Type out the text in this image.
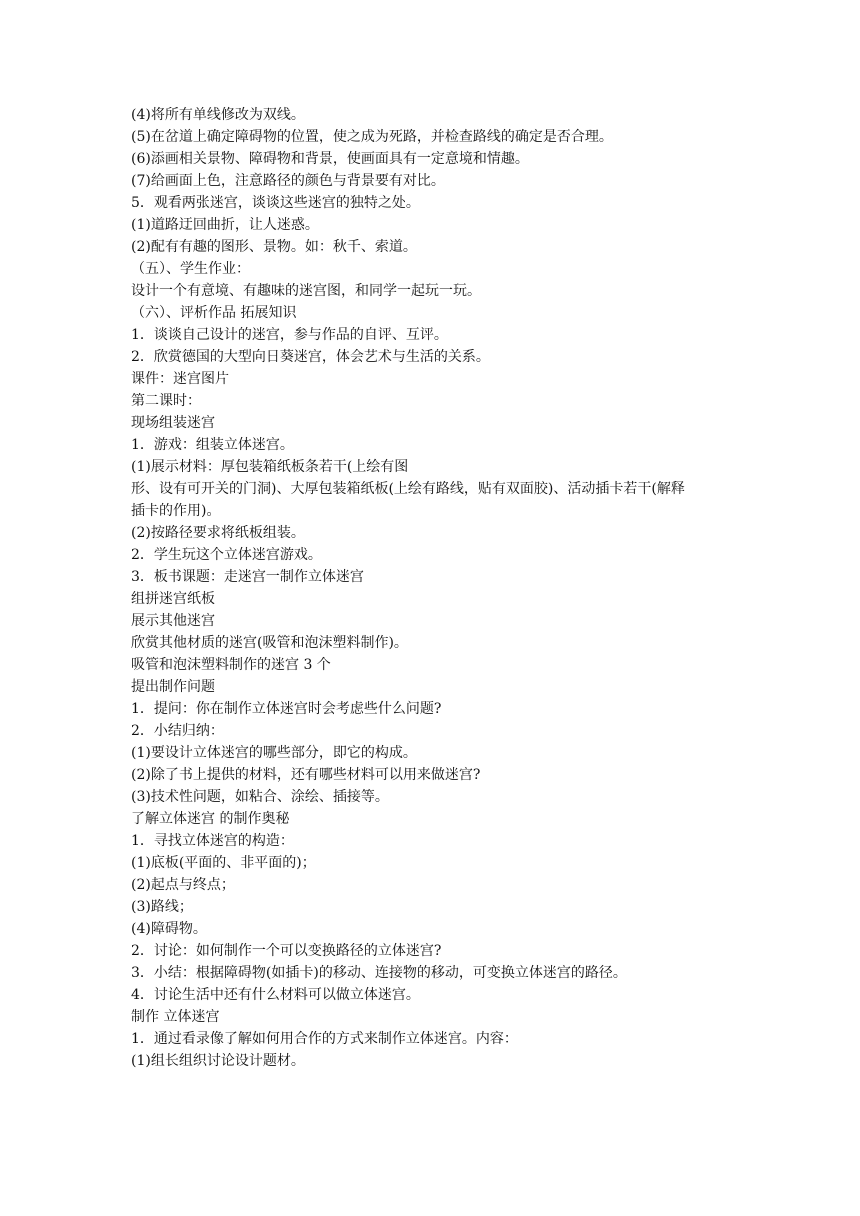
(4)将所有单线修改为双线。
(5)在岔道上确定障碍物的位置，使之成为死路，并检查路线的确定是否合理。
(6)添画相关景物、障碍物和背景，使画面具有一定意境和情趣。
(7)给画面上色，注意路径的颜色与背景要有对比。
5．观看两张迷宫，谈谈这些迷宫的独特之处。
(1)道路迂回曲折，让人迷惑。
(2)配有有趣的图形、景物。如：秋千、索道。
（五）、学生作业：
设计一个有意境、有趣味的迷宫图，和同学一起玩一玩。
（六）、评析作品 拓展知识
1．谈谈自己设计的迷宫，参与作品的自评、互评。
2．欣赏德国的大型向日葵迷宫，体会艺术与生活的关系。
课件：迷宫图片
第二课时：
现场组装迷宫
1．游戏：组装立体迷宫。
(1)展示材料：厚包装箱纸板条若干(上绘有图
形、设有可开关的门洞)、大厚包装箱纸板(上绘有路线，贴有双面胶)、活动插卡若干(解释
插卡的作用)。
(2)按路径要求将纸板组装。
2．学生玩这个立体迷宫游戏。
3．板书课题：走迷宫一制作立体迷宫
组拼迷宫纸板
展示其他迷宫
欣赏其他材质的迷宫(吸管和泡沫塑料制作)。
吸管和泡沫塑料制作的迷宫 3 个
提出制作问题
1．提问：你在制作立体迷宫时会考虑些什么问题?
2．小结归纳：
(1)要设计立体迷宫的哪些部分，即它的构成。
(2)除了书上提供的材料，还有哪些材料可以用来做迷宫?
(3)技术性问题，如粘合、涂绘、插接等。
了解立体迷宫 的制作奥秘
1．寻找立体迷宫的构造：
(1)底板(平面的、非平面的)；
(2)起点与终点；
(3)路线；
(4)障碍物。
2．讨论：如何制作一个可以变换路径的立体迷宫?
3．小结：根据障碍物(如插卡)的移动、连接物的移动，可变换立体迷宫的路径。
4．讨论生活中还有什么材料可以做立体迷宫。
制作 立体迷宫
1．通过看录像了解如何用合作的方式来制作立体迷宫。内容：
(1)组长组织讨论设计题材。
